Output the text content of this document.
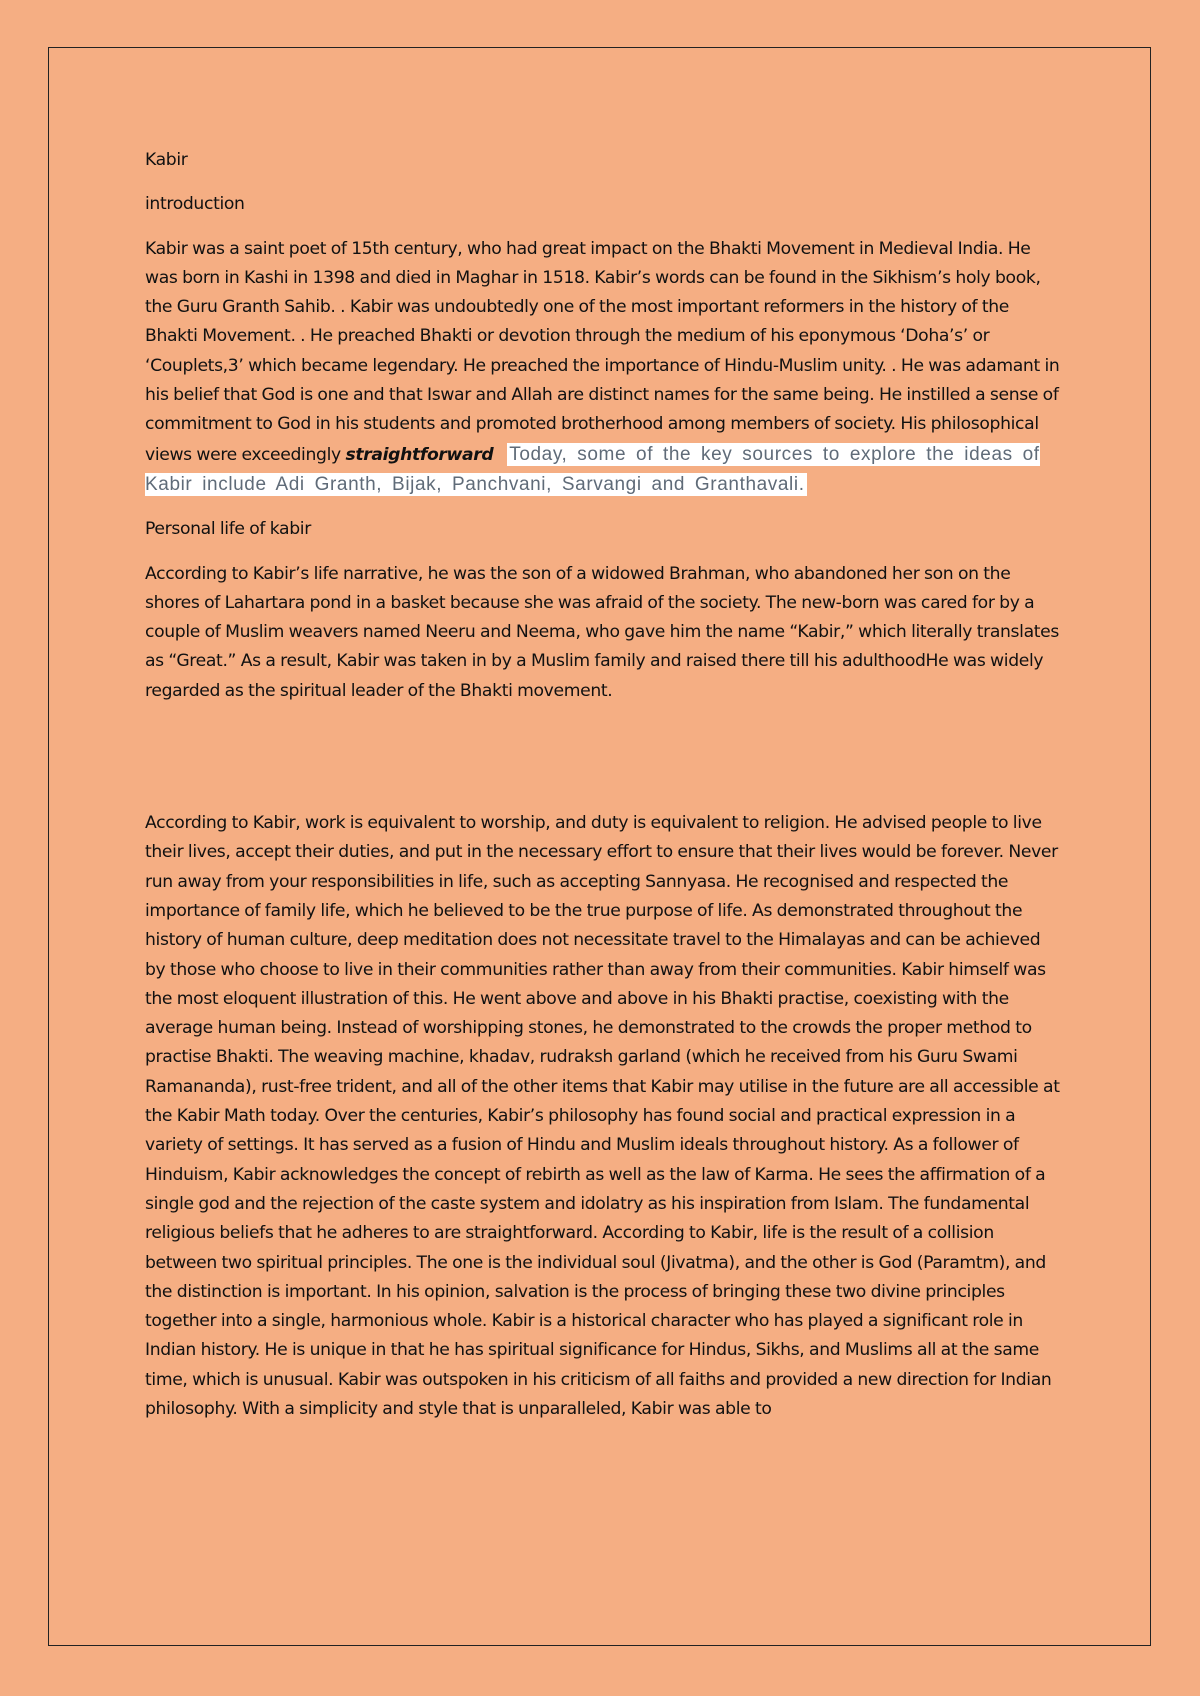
Kabir

introduction

Kabir was a saint poet of 15th century, who had great impact on the Bhakti Movement in Medieval India. He was born in Kashi in 1398 and died in Maghar in 1518. Kabir’s words can be found in the Sikhism’s holy book, the Guru Granth Sahib. . Kabir was undoubtedly one of the most important reformers in the history of the Bhakti Movement. . He preached Bhakti or devotion through the medium of his eponymous ‘Doha’s’ or ‘Couplets,3’ which became legendary. He preached the importance of Hindu-Muslim unity. . He was adamant in his belief that God is one and that Iswar and Allah are distinct names for the same being. He instilled a sense of commitment to God in his students and promoted brotherhood among members of society. His philosophical views were exceedingly straightforward Today, some of the key sources to explore the ideas of Kabir include Adi Granth, Bijak, Panchvani, Sarvangi and Granthavali.

Personal life of kabir

According to Kabir’s life narrative, he was the son of a widowed Brahman, who abandoned her son on the shores of Lahartara pond in a basket because she was afraid of the society. The new-born was cared for by a couple of Muslim weavers named Neeru and Neema, who gave him the name “Kabir,” which literally translates as “Great.” As a result, Kabir was taken in by a Muslim family and raised there till his adulthoodHe was widely regarded as the spiritual leader of the Bhakti movement.

According to Kabir, work is equivalent to worship, and duty is equivalent to religion. He advised people to live their lives, accept their duties, and put in the necessary effort to ensure that their lives would be forever. Never run away from your responsibilities in life, such as accepting Sannyasa. He recognised and respected the importance of family life, which he believed to be the true purpose of life. As demonstrated throughout the history of human culture, deep meditation does not necessitate travel to the Himalayas and can be achieved by those who choose to live in their communities rather than away from their communities. Kabir himself was the most eloquent illustration of this. He went above and above in his Bhakti practise, coexisting with the average human being. Instead of worshipping stones, he demonstrated to the crowds the proper method to practise Bhakti. The weaving machine, khadav, rudraksh garland (which he received from his Guru Swami Ramananda), rust-free trident, and all of the other items that Kabir may utilise in the future are all accessible at the Kabir Math today. Over the centuries, Kabir’s philosophy has found social and practical expression in a variety of settings. It has served as a fusion of Hindu and Muslim ideals throughout history. As a follower of Hinduism, Kabir acknowledges the concept of rebirth as well as the law of Karma. He sees the affirmation of a single god and the rejection of the caste system and idolatry as his inspiration from Islam. The fundamental religious beliefs that he adheres to are straightforward. According to Kabir, life is the result of a collision between two spiritual principles. The one is the individual soul (Jivatma), and the other is God (Paramtm), and the distinction is important. In his opinion, salvation is the process of bringing these two divine principles together into a single, harmonious whole. Kabir is a historical character who has played a significant role in Indian history. He is unique in that he has spiritual significance for Hindus, Sikhs, and Muslims all at the same time, which is unusual. Kabir was outspoken in his criticism of all faiths and provided a new direction for Indian philosophy. With a simplicity and style that is unparalleled, Kabir was able to
